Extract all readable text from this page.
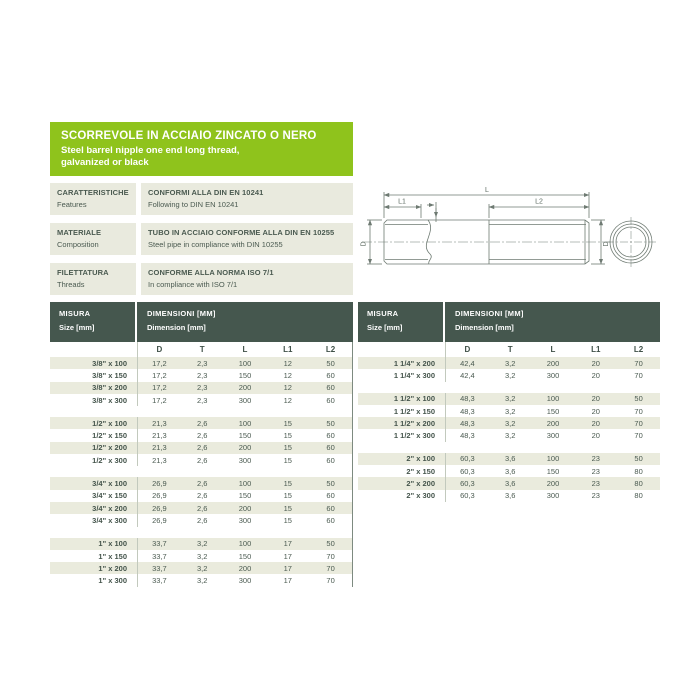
SCORREVOLE IN ACCIAIO ZINCATO O NERO
Steel barrel nipple one end long thread,
galvanized or black
CARATTERISTICHE
Features
CONFORMI ALLA DIN EN 10241
Following to DIN EN 10241
MATERIALE
Composition
TUBO IN ACCIAIO CONFORME ALLA DIN EN 10255
Steel pipe in compliance with DIN 10255
FILETTATURA
Threads
CONFORME ALLA NORMA ISO 7/1
In compliance with ISO 7/1
L
L1	L2
D	D
MISURA
Size [mm]
DIMENSIONI [MM]
Dimension [mm]
D	T	L	L1	L2
3/8" x 100	17,2	2,3	100	12	50
3/8" x 150	17,2	2,3	150	12	60
3/8" x 200	17,2	2,3	200	12	60
3/8" x 300	17,2	2,3	300	12	60
1/2" x 100	21,3	2,6	100	15	50
1/2" x 150	21,3	2,6	150	15	60
1/2" x 200	21,3	2,6	200	15	60
1/2" x 300	21,3	2,6	300	15	60
3/4" x 100	26,9	2,6	100	15	50
3/4" x 150	26,9	2,6	150	15	60
3/4" x 200	26,9	2,6	200	15	60
3/4" x 300	26,9	2,6	300	15	60
1" x 100	33,7	3,2	100	17	50
1" x 150	33,7	3,2	150	17	70
1" x 200	33,7	3,2	200	17	70
1" x 300	33,7	3,2	300	17	70
MISURA
Size [mm]
DIMENSIONI [MM]
Dimension [mm]
D	T	L	L1	L2
1 1/4" x 200	42,4	3,2	200	20	70
1 1/4" x 300	42,4	3,2	300	20	70
1 1/2" x 100	48,3	3,2	100	20	50
1 1/2" x 150	48,3	3,2	150	20	70
1 1/2" x 200	48,3	3,2	200	20	70
1 1/2" x 300	48,3	3,2	300	20	70
2" x 100	60,3	3,6	100	23	50
2" x 150	60,3	3,6	150	23	80
2" x 200	60,3	3,6	200	23	80
2" x 300	60,3	3,6	300	23	80
